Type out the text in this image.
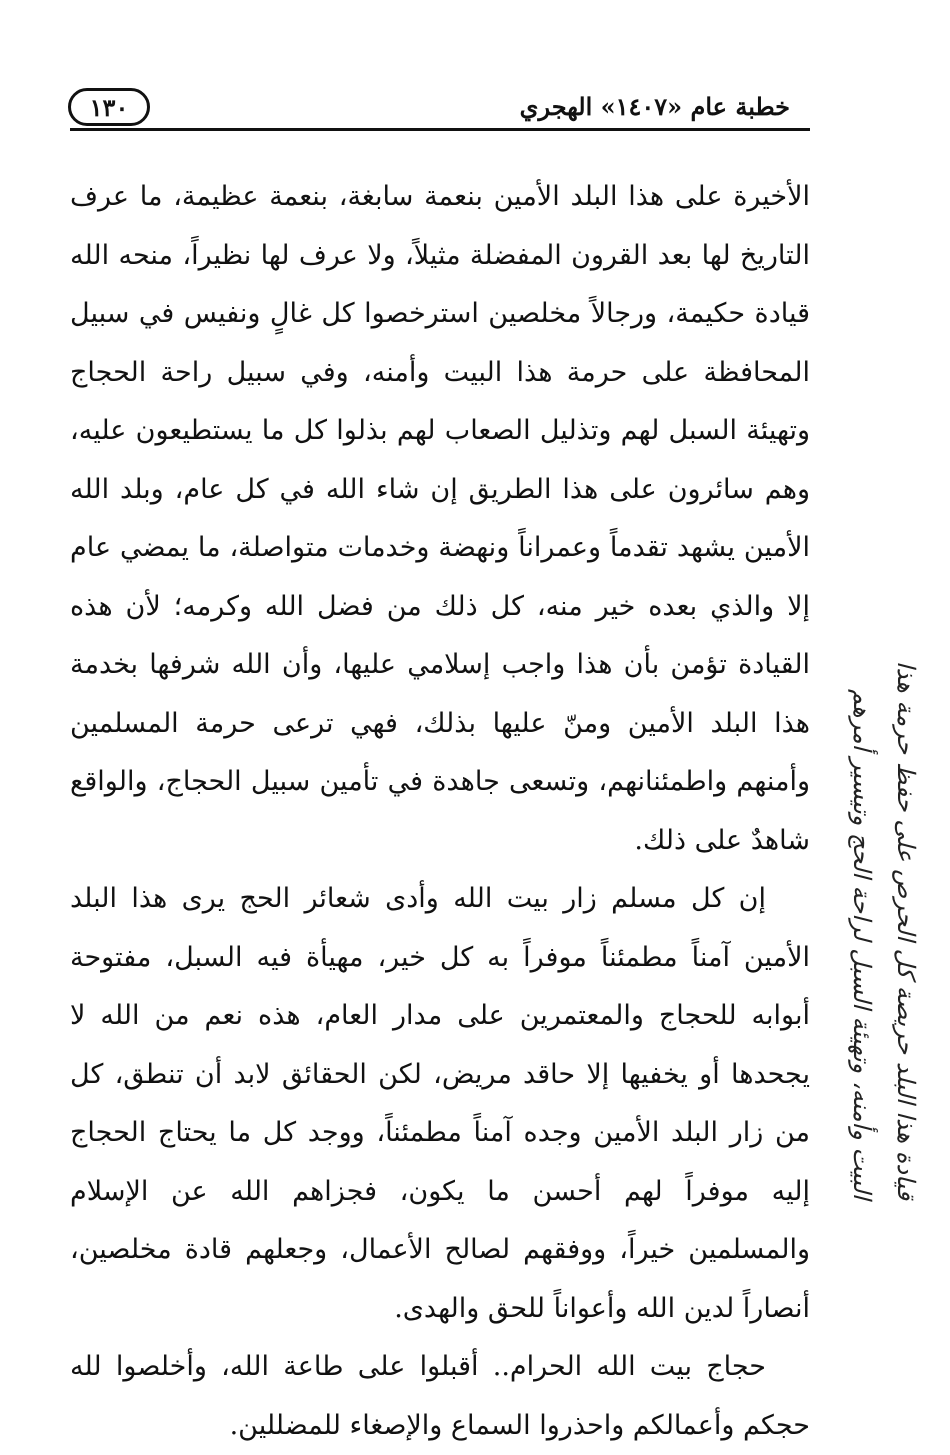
خطبة عام «١٤٠٧» الهجري
١٣٠

الأخيرة على هذا البلد الأمين بنعمة سابغة، بنعمة عظيمة، ما عرف التاريخ لها بعد القرون المفضلة مثيلاً، ولا عرف لها نظيراً، منحه الله قيادة حكيمة، ورجالاً مخلصين استرخصوا كل غالٍ ونفيس في سبيل المحافظة على حرمة هذا البيت وأمنه، وفي سبيل راحة الحجاج وتهيئة السبل لهم وتذليل الصعاب لهم بذلوا كل ما يستطيعون عليه، وهم سائرون على هذا الطريق إن شاء الله في كل عام، وبلد الله الأمين يشهد تقدماً وعمراناً ونهضة وخدمات متواصلة، ما يمضي عام إلا والذي بعده خير منه، كل ذلك من فضل الله وكرمه؛ لأن هذه القيادة تؤمن بأن هذا واجب إسلامي عليها، وأن الله شرفها بخدمة هذا البلد الأمين ومنّ عليها بذلك، فهي ترعى حرمة المسلمين وأمنهم واطمئنانهم، وتسعى جاهدة في تأمين سبيل الحجاج، والواقع شاهدٌ على ذلك.

إن كل مسلم زار بيت الله وأدى شعائر الحج يرى هذا البلد الأمين آمناً مطمئناً موفراً به كل خير، مهيأة فيه السبل، مفتوحة أبوابه للحجاج والمعتمرين على مدار العام، هذه نعم من الله لا يجحدها أو يخفيها إلا حاقد مريض، لكن الحقائق لابد أن تنطق، كل من زار البلد الأمين وجده آمناً مطمئناً، ووجد كل ما يحتاج الحجاج إليه موفراً لهم أحسن ما يكون، فجزاهم الله عن الإسلام والمسلمين خيراً، ووفقهم لصالح الأعمال، وجعلهم قادة مخلصين، أنصاراً لدين الله وأعواناً للحق والهدى.

حجاج بيت الله الحرام.. أقبلوا على طاعة الله، وأخلصوا لله حجكم وأعمالكم واحذروا السماع والإصغاء للمضللين.

قيادة هذا البلد حريصة كل الحرص على حفظ حرمة هذا
البيت وأمنه، وتهيئة السبل لراحة الحج وتيسير أمرهم
